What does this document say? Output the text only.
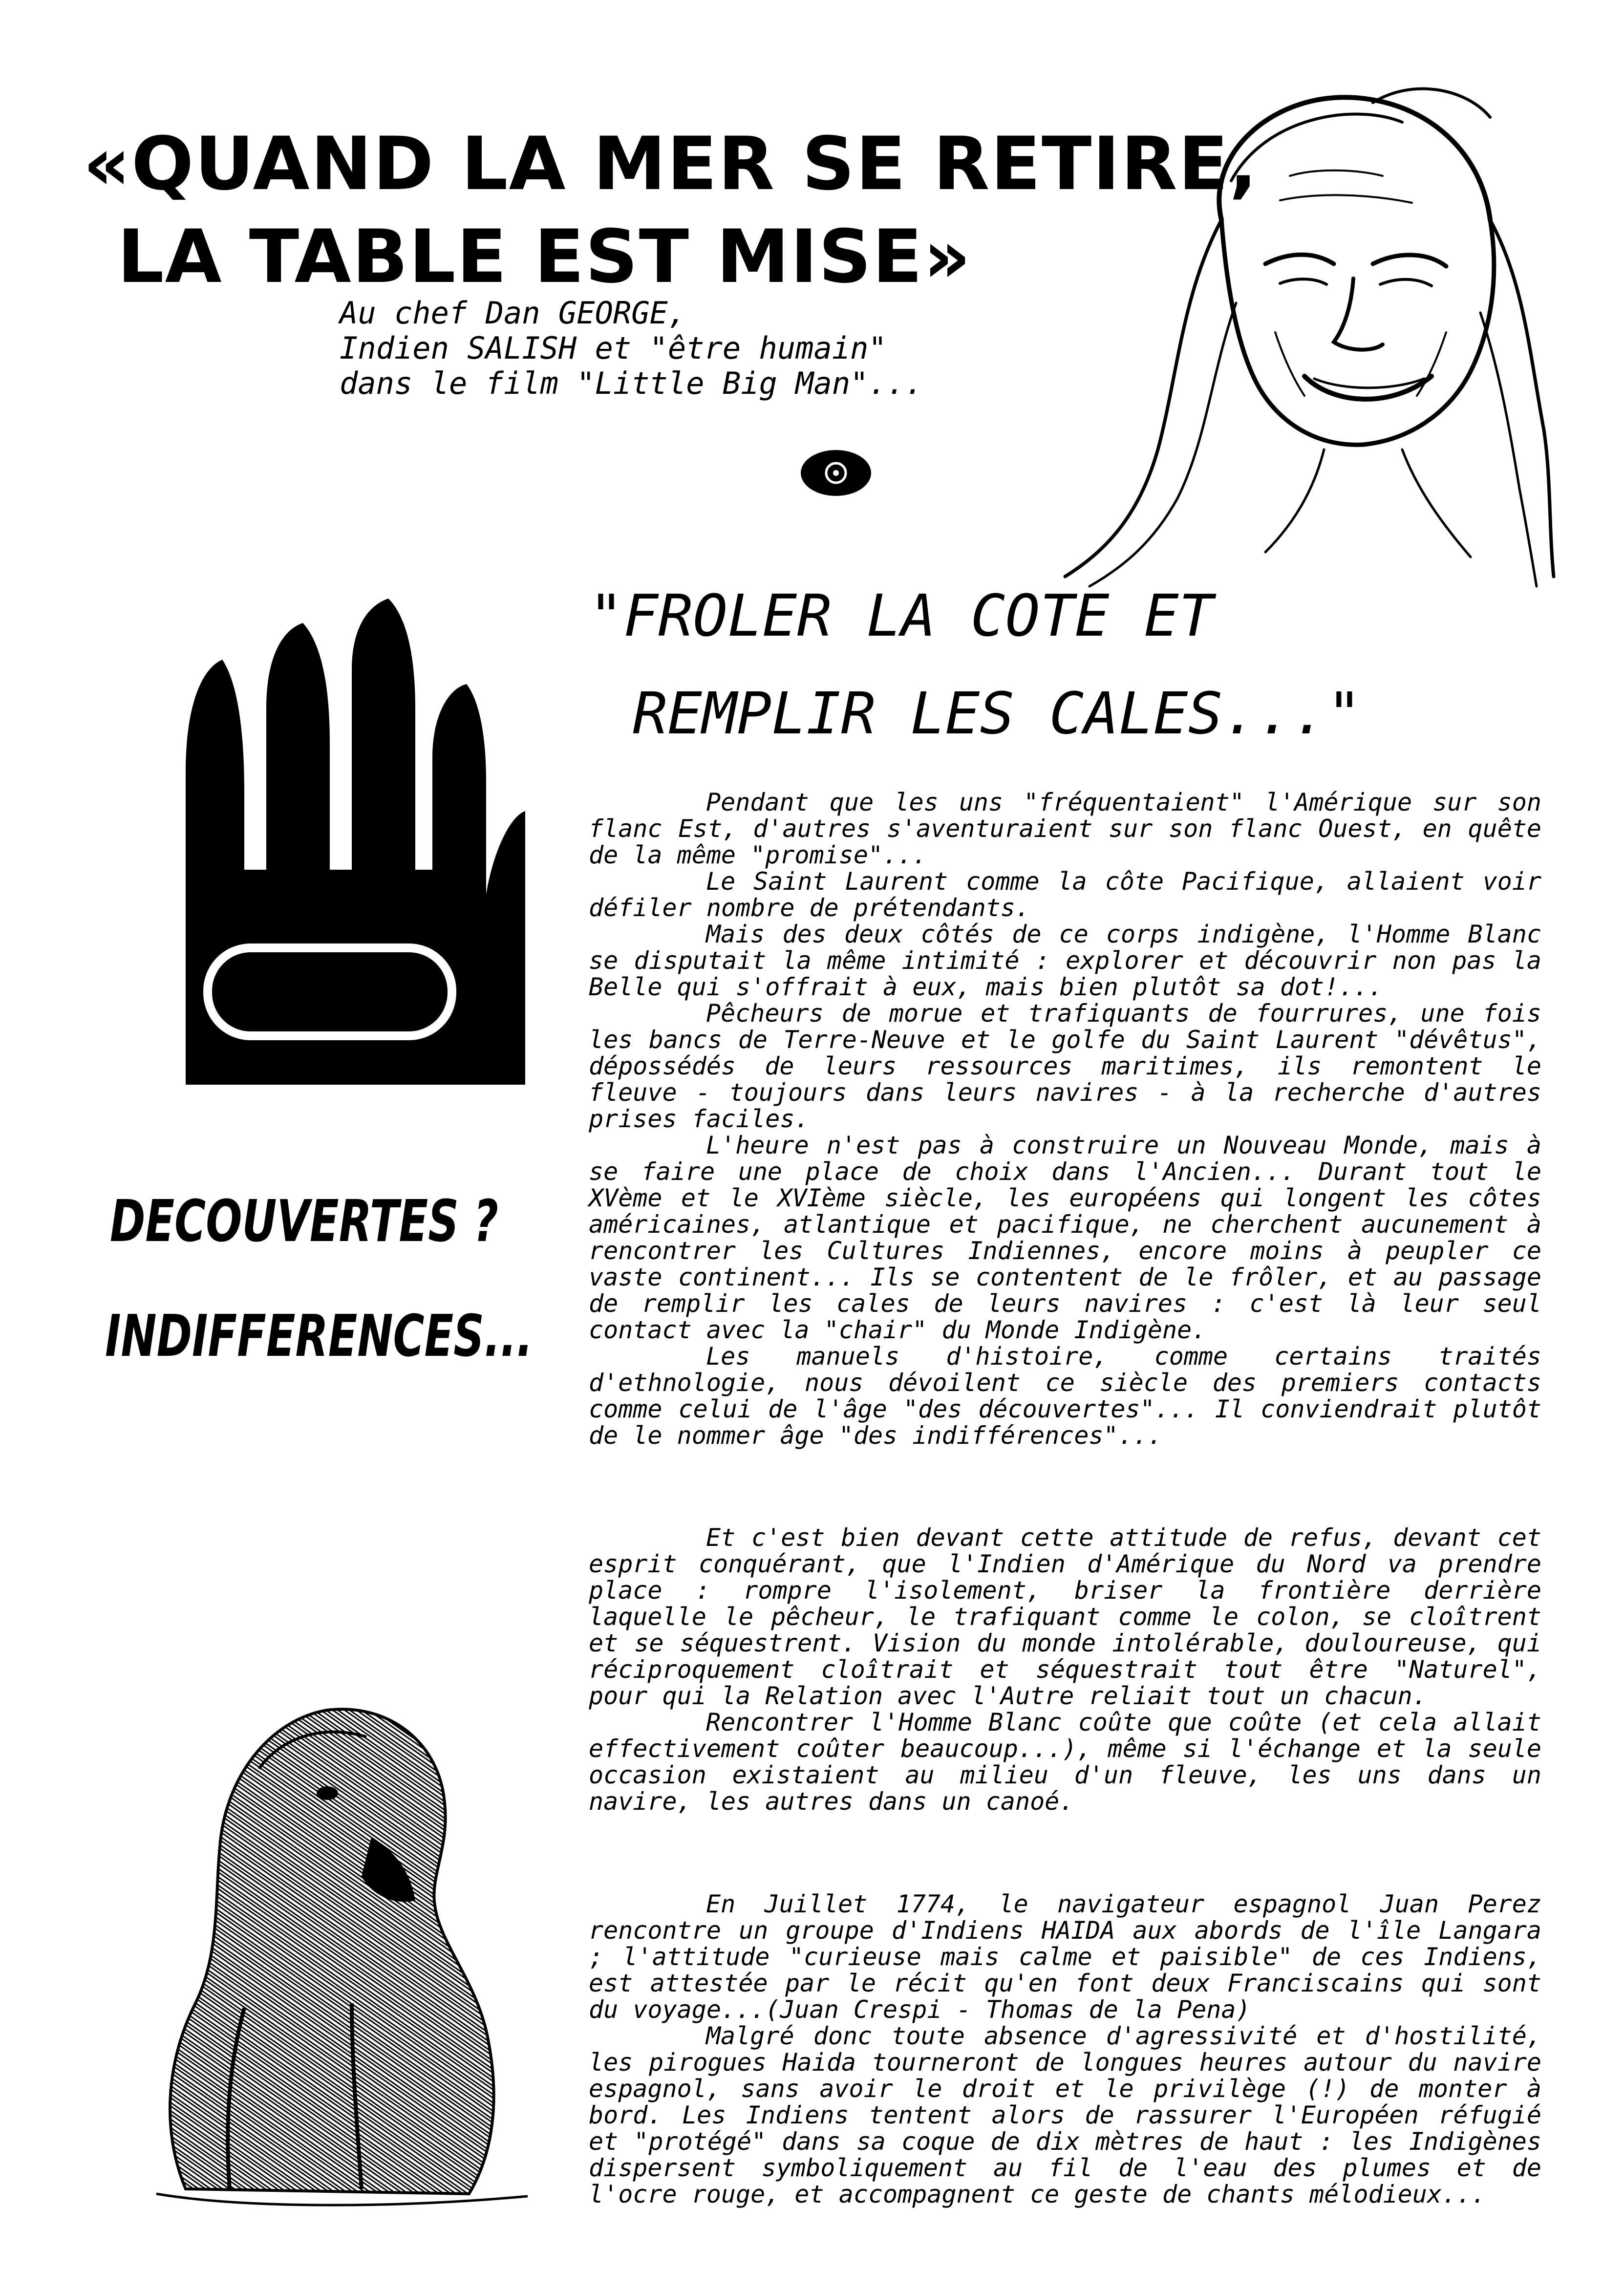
«QUAND LA MER SE RETIRE,
LA TABLE EST MISE»
Au chef Dan GEORGE,
Indien SALISH et "être humain"
dans le film "Little Big Man"...
"FROLER LA COTE ET
REMPLIR LES CALES..."
DECOUVERTES ?
INDIFFERENCES...

Pendant que les uns "fréquentaient" l'Amérique sur son flanc Est, d'autres s'aventuraient sur son flanc Ouest, en quête de la même "promise"...

Le Saint Laurent comme la côte Pacifique, allaient voir défiler nombre de prétendants.

Mais des deux côtés de ce corps indigène, l'Homme Blanc se disputait la même intimité : explorer et découvrir non pas la Belle qui s'offrait à eux, mais bien plutôt sa dot!...

Pêcheurs de morue et trafiquants de fourrures, une fois les bancs de Terre-Neuve et le golfe du Saint Laurent "dévêtus", dépossédés de leurs ressources maritimes, ils remontent le fleuve - toujours dans leurs navires - à la recherche d'autres prises faciles.

L'heure n'est pas à construire un Nouveau Monde, mais à se faire une place de choix dans l'Ancien... Durant tout le XVème et le XVIème siècle, les européens qui longent les côtes américaines, atlantique et pacifique, ne cherchent aucunement à rencontrer les Cultures Indiennes, encore moins à peupler ce vaste continent... Ils se contentent de le frôler, et au passage de remplir les cales de leurs navires : c'est là leur seul contact avec la "chair" du Monde Indigène.

Les manuels d'histoire, comme certains traités d'ethnologie, nous dévoilent ce siècle des premiers contacts comme celui de l'âge "des découvertes"... Il conviendrait plutôt de le nommer âge "des indifférences"...

Et c'est bien devant cette attitude de refus, devant cet esprit conquérant, que l'Indien d'Amérique du Nord va prendre place : rompre l'isolement, briser la frontière derrière laquelle le pêcheur, le trafiquant comme le colon, se cloîtrent et se séquestrent. Vision du monde intolérable, douloureuse, qui réciproquement cloîtrait et séquestrait tout être "Naturel", pour qui la Relation avec l'Autre reliait tout un chacun.

Rencontrer l'Homme Blanc coûte que coûte (et cela allait effectivement coûter beaucoup...), même si l'échange et la seule occasion existaient au milieu d'un fleuve, les uns dans un navire, les autres dans un canoé.

En Juillet 1774, le navigateur espagnol Juan Perez rencontre un groupe d'Indiens HAIDA aux abords de l'île Langara ; l'attitude "curieuse mais calme et paisible" de ces Indiens, est attestée par le récit qu'en font deux Franciscains qui sont du voyage...(Juan Crespi - Thomas de la Pena)

Malgré donc toute absence d'agressivité et d'hostilité, les pirogues Haida tourneront de longues heures autour du navire espagnol, sans avoir le droit et le privilège (!) de monter à bord. Les Indiens tentent alors de rassurer l'Européen réfugié et "protégé" dans sa coque de dix mètres de haut : les Indigènes dispersent symboliquement au fil de l'eau des plumes et de l'ocre rouge, et accompagnent ce geste de chants mélodieux...
